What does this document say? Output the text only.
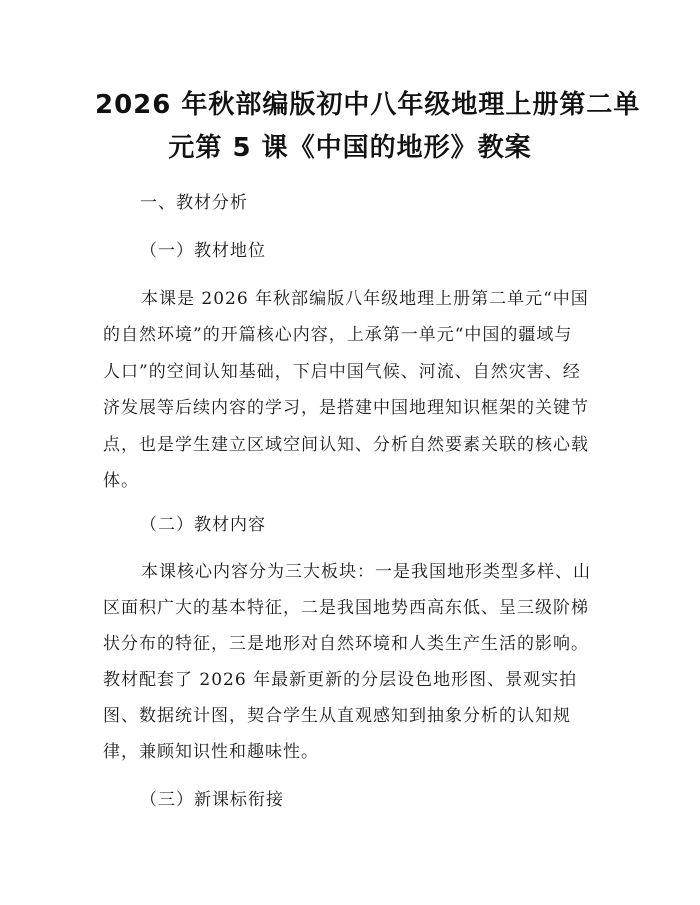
2026 年秋部编版初中八年级地理上册第二单
元第 5 课《中国的地形》教案
一、教材分析
（一）教材地位
本课是 2026 年秋部编版八年级地理上册第二单元“中国
的自然环境”的开篇核心内容，上承第一单元“中国的疆域与
人口”的空间认知基础，下启中国气候、河流、自然灾害、经
济发展等后续内容的学习，是搭建中国地理知识框架的关键节
点，也是学生建立区域空间认知、分析自然要素关联的核心载
体。
（二）教材内容
本课核心内容分为三大板块：一是我国地形类型多样、山
区面积广大的基本特征，二是我国地势西高东低、呈三级阶梯
状分布的特征，三是地形对自然环境和人类生产生活的影响。
教材配套了 2026 年最新更新的分层设色地形图、景观实拍
图、数据统计图，契合学生从直观感知到抽象分析的认知规
律，兼顾知识性和趣味性。
（三）新课标衔接
